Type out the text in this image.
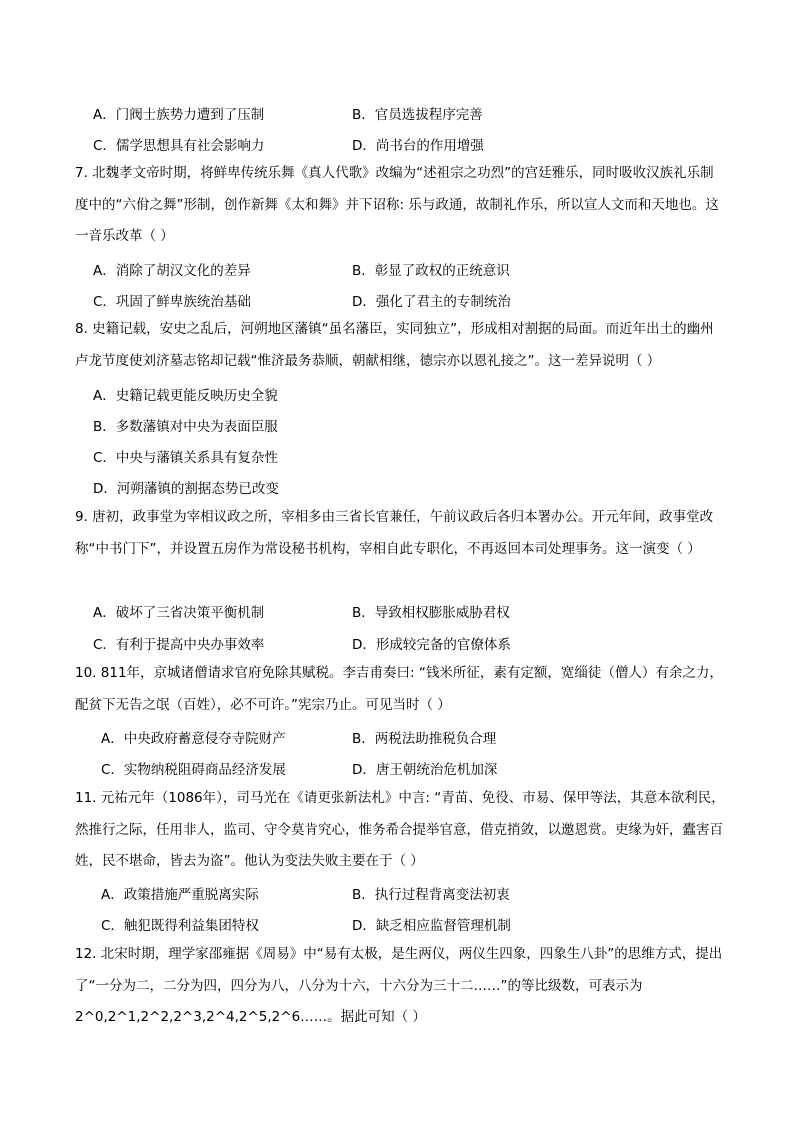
A．门阀士族势力遭到了压制	B．官员选拔程序完善
C．儒学思想具有社会影响力	D．尚书台的作用增强

7. 北魏孝文帝时期，将鲜卑传统乐舞《真人代歌》改编为“述祖宗之功烈”的宫廷雅乐，同时吸收汉族礼乐制度中的“六佾之舞”形制，创作新舞《太和舞》并下诏称: 乐与政通，故制礼作乐，所以宣人文而和天地也。这一音乐改革（ ）

A．消除了胡汉文化的差异	B．彰显了政权的正统意识
C．巩固了鲜卑族统治基础	D．强化了君主的专制统治

8. 史籍记载，安史之乱后，河朔地区藩镇“虽名藩臣，实同独立”，形成相对割据的局面。而近年出土的幽州卢龙节度使刘济墓志铭却记载“惟济最务恭顺，朝献相继，德宗亦以恩礼接之”。这一差异说明（ ）

A．史籍记载更能反映历史全貌
B．多数藩镇对中央为表面臣服
C．中央与藩镇关系具有复杂性
D．河朔藩镇的割据态势已改变

9. 唐初，政事堂为宰相议政之所，宰相多由三省长官兼任，午前议政后各归本署办公。开元年间，政事堂改称“中书门下”，并设置五房作为常设秘书机构，宰相自此专职化，不再返回本司处理事务。这一演变（ ）

A．破坏了三省决策平衡机制	B．导致相权膨胀威胁君权
C．有利于提高中央办事效率	D．形成较完备的官僚体系

10. 811年，京城诸僧请求官府免除其赋税。李吉甫奏曰: “钱米所征，素有定额，宽缁徒（僧人）有余之力，配贫下无告之氓（百姓），必不可许。”宪宗乃止。可见当时（ ）

A．中央政府蓄意侵夺寺院财产	B．两税法助推税负合理
C．实物纳税阻碍商品经济发展	D．唐王朝统治危机加深

11. 元祐元年（1086年），司马光在《请更张新法札》中言: “青苗、免役、市易、保甲等法，其意本欲利民，然推行之际，任用非人，监司、守令莫肯究心，惟务希合提举官意，借克捎敛，以邀恩赏。吏缘为奸，蠹害百姓，民不堪命，皆去为盗”。他认为变法失败主要在于（ ）

A．政策措施严重脱离实际	B．执行过程背离变法初衷
C．触犯既得利益集团特权	D．缺乏相应监督管理机制

12. 北宋时期，理学家邵雍据《周易》中“易有太极，是生两仪，两仪生四象，四象生八卦”的思维方式，提出了“一分为二，二分为四，四分为八，八分为十六，十六分为三十二……”的等比级数，可表示为2^0,2^1,2^2,2^3,2^4,2^5,2^6……。据此可知（ ）
